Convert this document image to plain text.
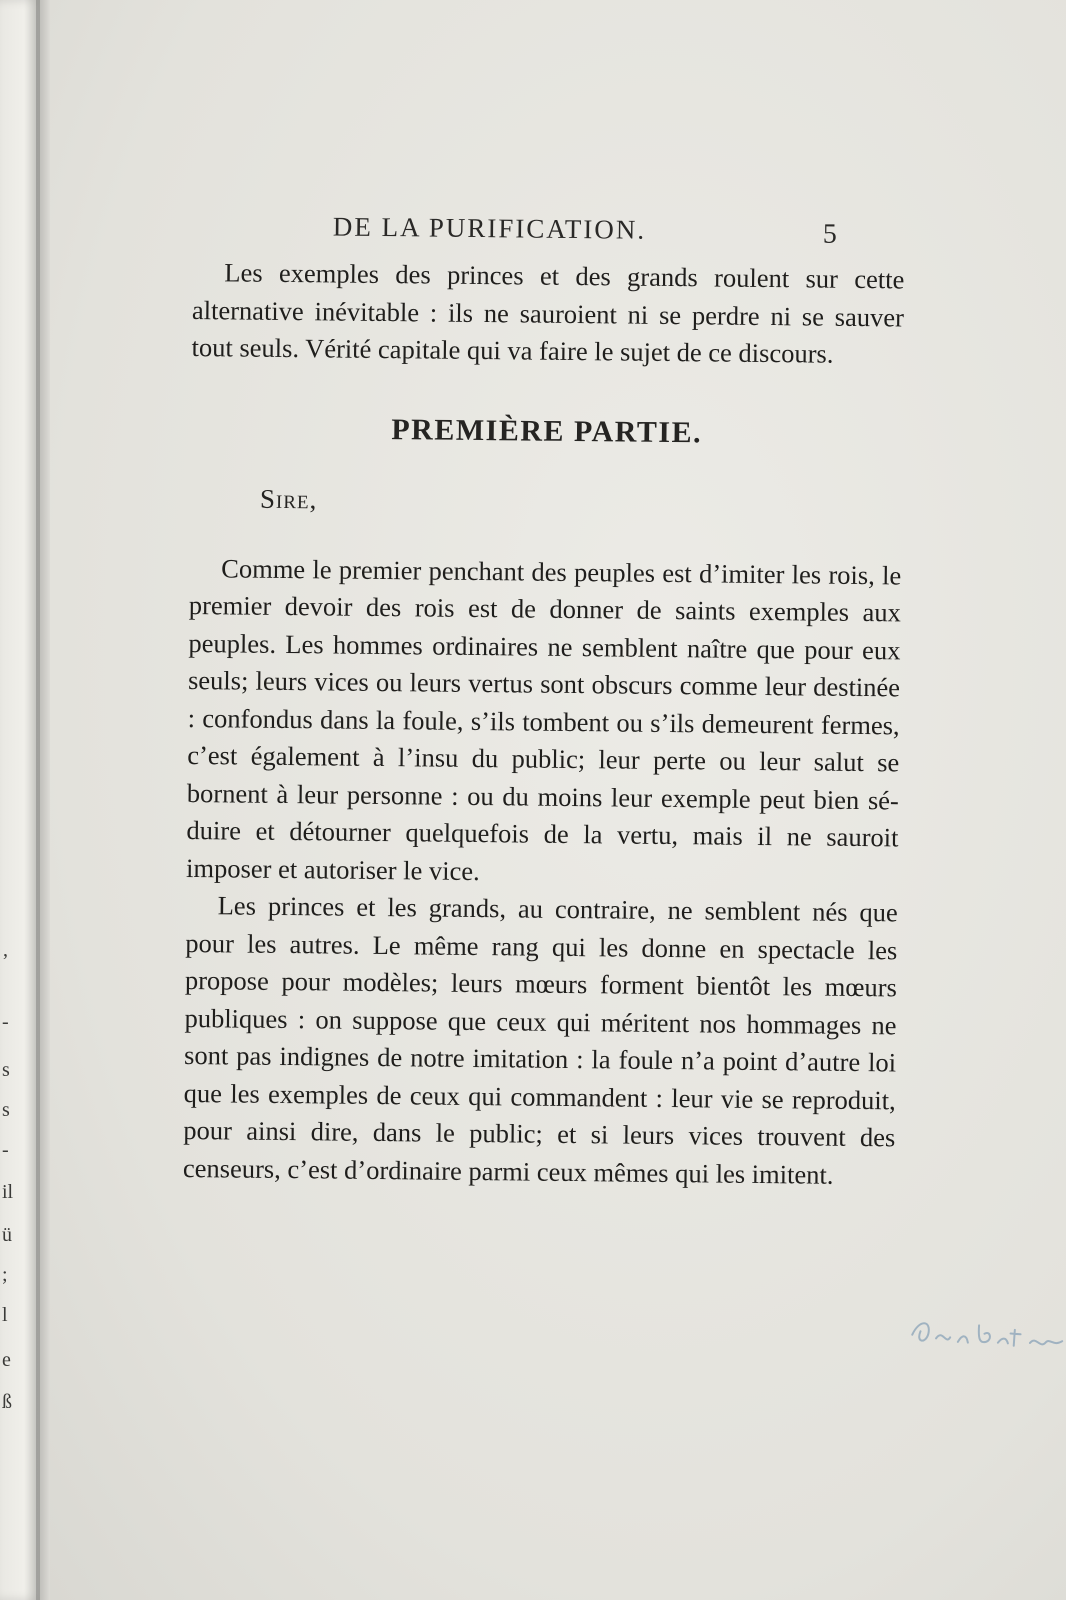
‚
-
s
s
-
il
ü
;
l
e
ß
DE LA PURIFICATION.	5

Les exemples des princes et des grands roulent sur cette alternative inévitable : ils ne sauroient ni se perdre ni se sauver tout seuls. Vérité capitale qui va faire le sujet de ce discours.

PREMIÈRE PARTIE.
Sire,

Comme le premier penchant des peuples est d’imiter les rois, le premier devoir des rois est de donner de saints exemples aux peuples. Les hommes ordinaires ne semblent naître que pour eux seuls; leurs vices ou leurs vertus sont obscurs comme leur destinée : confondus dans la foule, s’ils tombent ou s’ils demeurent fermes, c’est également à l’insu du public; leur perte ou leur salut se bornent à leur personne : ou du moins leur exemple peut bien séduire et détourner quelquefois de la vertu, mais il ne sauroit imposer et autoriser le vice.

Les princes et les grands, au contraire, ne semblent nés que pour les autres. Le même rang qui les donne en spectacle les propose pour modèles; leurs mœurs forment bientôt les mœurs publiques : on suppose que ceux qui méritent nos hommages ne sont pas indignes de notre imitation : la foule n’a point d’autre loi que les exemples de ceux qui commandent : leur vie se reproduit, pour ainsi dire, dans le public; et si leurs vices trouvent des censeurs, c’est d’ordinaire parmi ceux mêmes qui les imitent.
